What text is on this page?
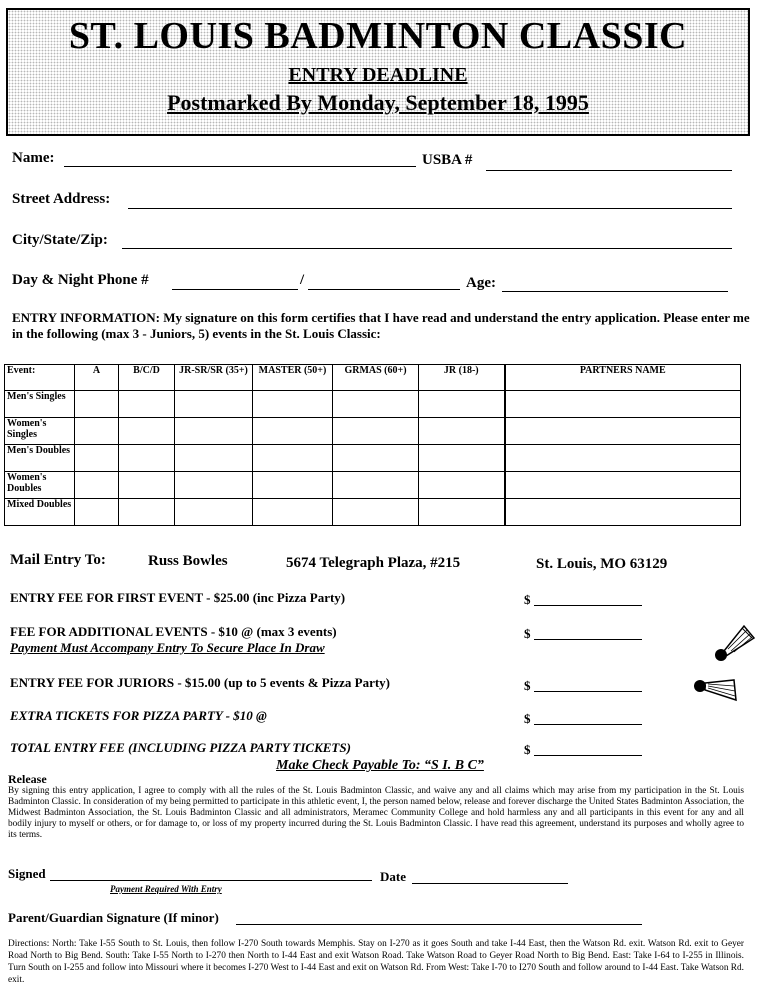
ST. LOUIS BADMINTON CLASSIC
ENTRY DEADLINE
Postmarked By Monday, September 18, 1995
Name:	USBA #
Street Address:
City/State/Zip:
Day & Night Phone #	/	Age:
ENTRY INFORMATION: My signature on this form certifies that I have read and understand the entry application. Please enter me in the following (max 3 - Juniors, 5) events in the St. Louis Classic:
Event:	A	B/C/D	JR-SR/SR (35+)	MASTER (50+)	GRMAS (60+)	JR (18-)	PARTNERS NAME
Men's Singles							
Women's Singles							
Men's Doubles							
Women's Doubles							
Mixed Doubles							
Mail Entry To:	Russ Bowles	5674 Telegraph Plaza, #215	St. Louis, MO 63129
ENTRY FEE FOR FIRST EVENT - $25.00 (inc Pizza Party)	$
FEE FOR ADDITIONAL EVENTS - $10 @ (max 3 events)
Payment Must Accompany Entry To Secure Place In Draw
$
ENTRY FEE FOR JURIORS - $15.00 (up to 5 events & Pizza Party)	$
EXTRA TICKETS FOR PIZZA PARTY - $10 @	$
TOTAL ENTRY FEE (INCLUDING PIZZA PARTY TICKETS)	$
Make Check Payable To: “S I. B C”
Release
By signing this entry application, I agree to comply with all the rules of the St. Louis Badminton Classic, and waive any and all claims which may arise from my participation in the St. Louis Badminton Classic. In consideration of my being permitted to participate in this athletic event, I, the person named below, release and forever discharge the United States Badminton Association, the Midwest Badminton Association, the St. Louis Badminton Classic and all administrators, Meramec Community College and hold harmless any and all participants in this event for any and all bodily injury to myself or others, or for damage to, or loss of my property incurred during the St. Louis Badminton Classic. I have read this agreement, understand its purposes and wholly agree to its terms.
Signed
Payment Required With Entry
Date
Parent/Guardian Signature (If minor)
Directions: North: Take I-55 South to St. Louis, then follow I-270 South towards Memphis. Stay on I-270 as it goes South and take I-44 East, then the Watson Rd. exit. Watson Rd. exit to Geyer Road North to Big Bend. South: Take I-55 North to I-270 then North to I-44 East and exit Watson Road. Take Watson Road to Geyer Road North to Big Bend. East: Take I-64 to I-255 in Illinois. Turn South on I-255 and follow into Missouri where it becomes I-270 West to I-44 East and exit on Watson Rd. From West: Take I-70 to I270 South and follow around to I-44 East. Take Watson Rd. exit.
